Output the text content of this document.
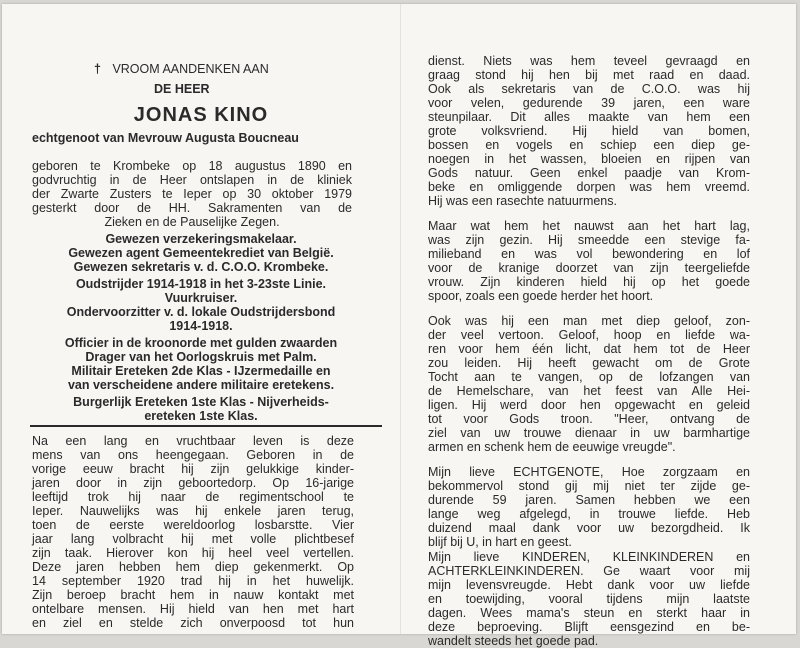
† VROOM AANDENKEN AAN
DE HEER
JONAS KINO
echtgenoot van Mevrouw Augusta Boucneau
geboren te Krombeke op 18 augustus 1890 en
godvruchtig in de Heer ontslapen in de kliniek
der Zwarte Zusters te Ieper op 30 oktober 1979
gesterkt door de HH. Sakramenten van de
Zieken en de Pauselijke Zegen.
Gewezen verzekeringsmakelaar.
Gewezen agent Gemeentekrediet van België.
Gewezen sekretaris v. d. C.O.O. Krombeke.
Oudstrijder 1914-1918 in het 3-23ste Linie.
Vuurkruiser.
Ondervoorzitter v. d. lokale Oudstrijdersbond
1914-1918.
Officier in de kroonorde met gulden zwaarden
Drager van het Oorlogskruis met Palm.
Militair Ereteken 2de Klas - IJzermedaille en
van verscheidene andere militaire eretekens.
Burgerlijk Ereteken 1ste Klas - Nijverheids-
ereteken 1ste Klas.
Na een lang en vruchtbaar leven is deze
mens van ons heengegaan. Geboren in de
vorige eeuw bracht hij zijn gelukkige kinder-
jaren door in zijn geboortedorp. Op 16-jarige
leeftijd trok hij naar de regimentschool te
Ieper. Nauwelijks was hij enkele jaren terug,
toen de eerste wereldoorlog losbarstte. Vier
jaar lang volbracht hij met volle plichtbesef
zijn taak. Hierover kon hij heel veel vertellen.
Deze jaren hebben hem diep gekenmerkt. Op
14 september 1920 trad hij in het huwelijk.
Zijn beroep bracht hem in nauw kontakt met
ontelbare mensen. Hij hield van hen met hart
en ziel en stelde zich onverpoosd tot hun
dienst. Niets was hem teveel gevraagd en
graag stond hij hen bij met raad en daad.
Ook als sekretaris van de C.O.O. was hij
voor velen, gedurende 39 jaren, een ware
steunpilaar. Dit alles maakte van hem een
grote volksvriend. Hij hield van bomen,
bossen en vogels en schiep een diep ge-
noegen in het wassen, bloeien en rijpen van
Gods natuur. Geen enkel paadje van Krom-
beke en omliggende dorpen was hem vreemd.
Hij was een rasechte natuurmens.
Maar wat hem het nauwst aan het hart lag,
was zijn gezin. Hij smeedde een stevige fa-
milieband en was vol bewondering en lof
voor de kranige doorzet van zijn teergeliefde
vrouw. Zijn kinderen hield hij op het goede
spoor, zoals een goede herder het hoort.
Ook was hij een man met diep geloof, zon-
der veel vertoon. Geloof, hoop en liefde wa-
ren voor hem één licht, dat hem tot de Heer
zou leiden. Hij heeft gewacht om de Grote
Tocht aan te vangen, op de lofzangen van
de Hemelschare, van het feest van Alle Hei-
ligen. Hij werd door hen opgewacht en geleid
tot voor Gods troon. "Heer, ontvang de
ziel van uw trouwe dienaar in uw barmhartige
armen en schenk hem de eeuwige vreugde".
Mijn lieve ECHTGENOTE, Hoe zorgzaam en
bekommervol stond gij mij niet ter zijde ge-
durende 59 jaren. Samen hebben we een
lange weg afgelegd, in trouwe liefde. Heb
duizend maal dank voor uw bezorgdheid. Ik
blijf bij U, in hart en geest.
Mijn lieve KINDEREN, KLEINKINDEREN en
ACHTERKLEINKINDEREN. Ge waart voor mij
mijn levensvreugde. Hebt dank voor uw liefde
en toewijding, vooral tijdens mijn laatste
dagen. Wees mama's steun en sterkt haar in
deze beproeving. Blijft eensgezind en be-
wandelt steeds het goede pad.
